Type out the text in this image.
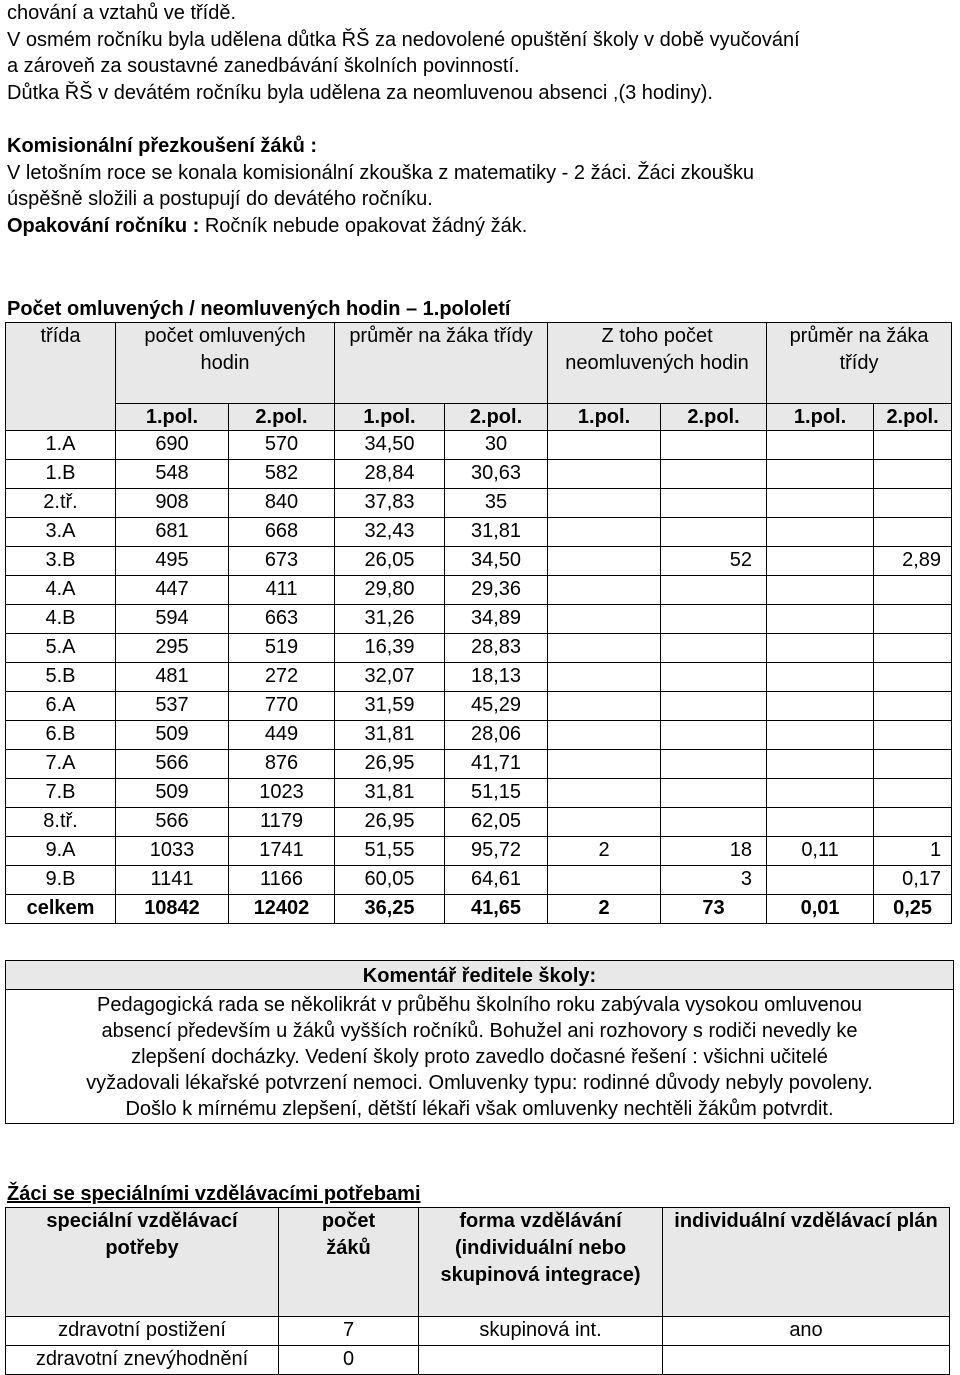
chování a vztahů ve třídě.
V osmém ročníku byla udělena důtka ŘŠ za nedovolené opuštění školy v době vyučování
a zároveň za soustavné zanedbávání školních povinností.
Důtka ŘŠ v devátém ročníku byla udělena za neomluvenou absenci ,(3 hodiny).
Komisionální přezkoušení žáků :
V letošním roce se konala komisionální zkouška z matematiky - 2 žáci. Žáci zkoušku
úspěšně složili a postupují do devátého ročníku.
Opakování ročníku : Ročník nebude opakovat žádný žák.
Počet omluvených / neomluvených hodin – 1.pololetí
třída	počet omluvených hodin		průměr na žáka třídy		Z toho počet neomluvených hodin		průměr na žáka třídy	
	1.pol.	2.pol.	1.pol.	2.pol.	1.pol.	2.pol.	1.pol.	2.pol.
1.A	690	570	34,50	30				
1.B	548	582	28,84	30,63				
2.tř.	908	840	37,83	35				
3.A	681	668	32,43	31,81				
3.B	495	673	26,05	34,50		52		2,89
4.A	447	411	29,80	29,36				
4.B	594	663	31,26	34,89				
5.A	295	519	16,39	28,83				
5.B	481	272	32,07	18,13				
6.A	537	770	31,59	45,29				
6.B	509	449	31,81	28,06				
7.A	566	876	26,95	41,71				
7.B	509	1023	31,81	51,15				
8.tř.	566	1179	26,95	62,05				
9.A	1033	1741	51,55	95,72	2	18	0,11	1
9.B	1141	1166	60,05	64,61		3		0,17
celkem	10842	12402	36,25	41,65	2	73	0,01	0,25
Komentář ředitele školy:
Pedagogická rada se několikrát v průběhu školního roku zabývala vysokou omluvenou
absencí především u žáků vyšších ročníků. Bohužel ani rozhovory s rodiči nevedly ke
zlepšení docházky. Vedení školy proto zavedlo dočasné řešení : všichni učitelé
vyžadovali lékařské potvrzení nemoci. Omluvenky typu: rodinné důvody nebyly povoleny.
Došlo k mírnému zlepšení, dětští lékaři však omluvenky nechtěli žákům potvrdit.
Žáci se speciálními vzdělávacími potřebami
speciální vzdělávací potřeby	počet žáků	forma vzdělávání (individuální nebo skupinová integrace)	individuální vzdělávací plán
zdravotní postižení	7	skupinová int.	ano
zdravotní znevýhodnění	0		
